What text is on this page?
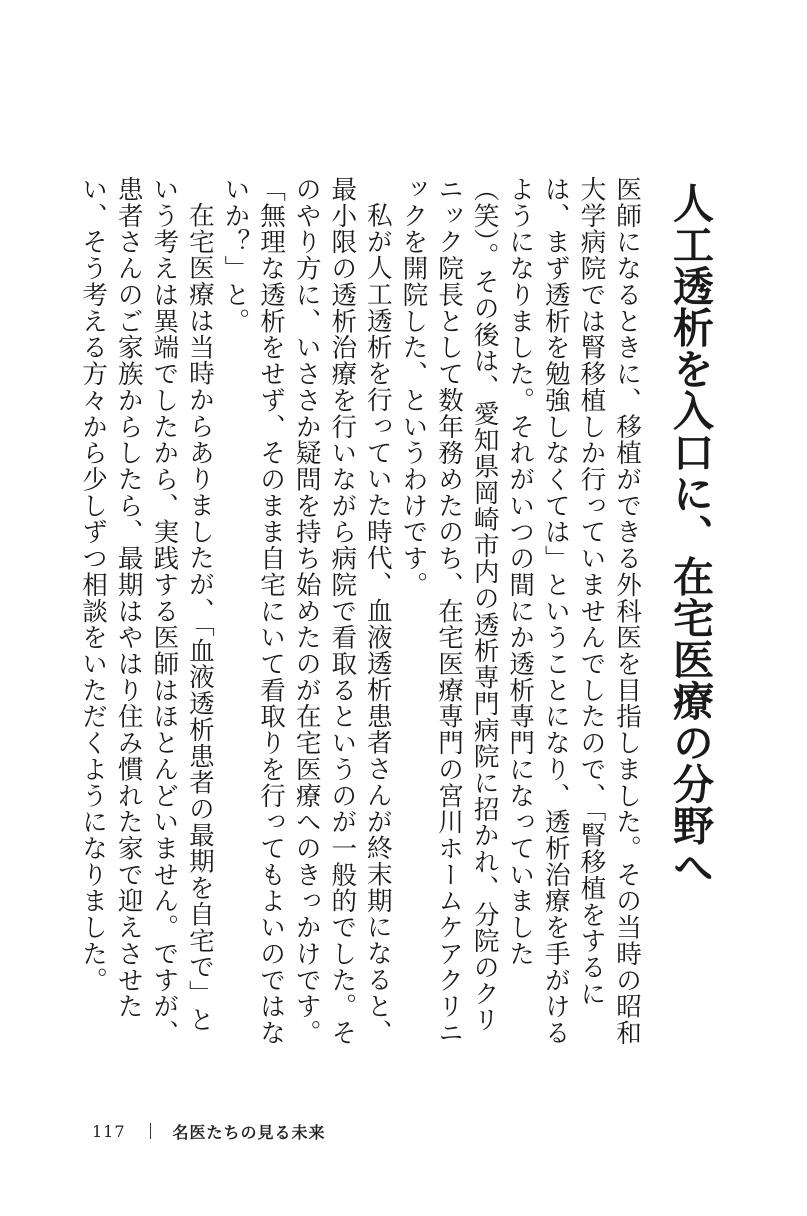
人工透析を入口に、在宅医療の分野へ

医師になるときに、移植ができる外科医を目指しました。その当時の昭和大学病院では腎移植しか行っていませんでしたので、「腎移植をするには、まず透析を勉強しなくては」ということになり、透析治療を手がけるようになりました。それがいつの間にか透析専門になっていました（笑）。その後は、愛知県岡崎市内の透析専門病院に招かれ、分院のクリニック院長として数年務めたのち、在宅医療専門の宮川ホームケアクリニックを開院した、というわけです。

私が人工透析を行っていた時代、血液透析患者さんが終末期になると、最小限の透析治療を行いながら病院で看取るというのが一般的でした。そのやり方に、いささか疑問を持ち始めたのが在宅医療へのきっかけです。「無理な透析をせず、そのまま自宅にいて看取りを行ってもよいのではないか？」と。

在宅医療は当時からありましたが、「血液透析患者の最期を自宅で」という考えは異端でしたから、実践する医師はほとんどいません。ですが、患者さんのご家族からしたら、最期はやはり住み慣れた家で迎えさせたい、そう考える方々から少しずつ相談をいただくようになりました。

117	名医たちの見る未来
